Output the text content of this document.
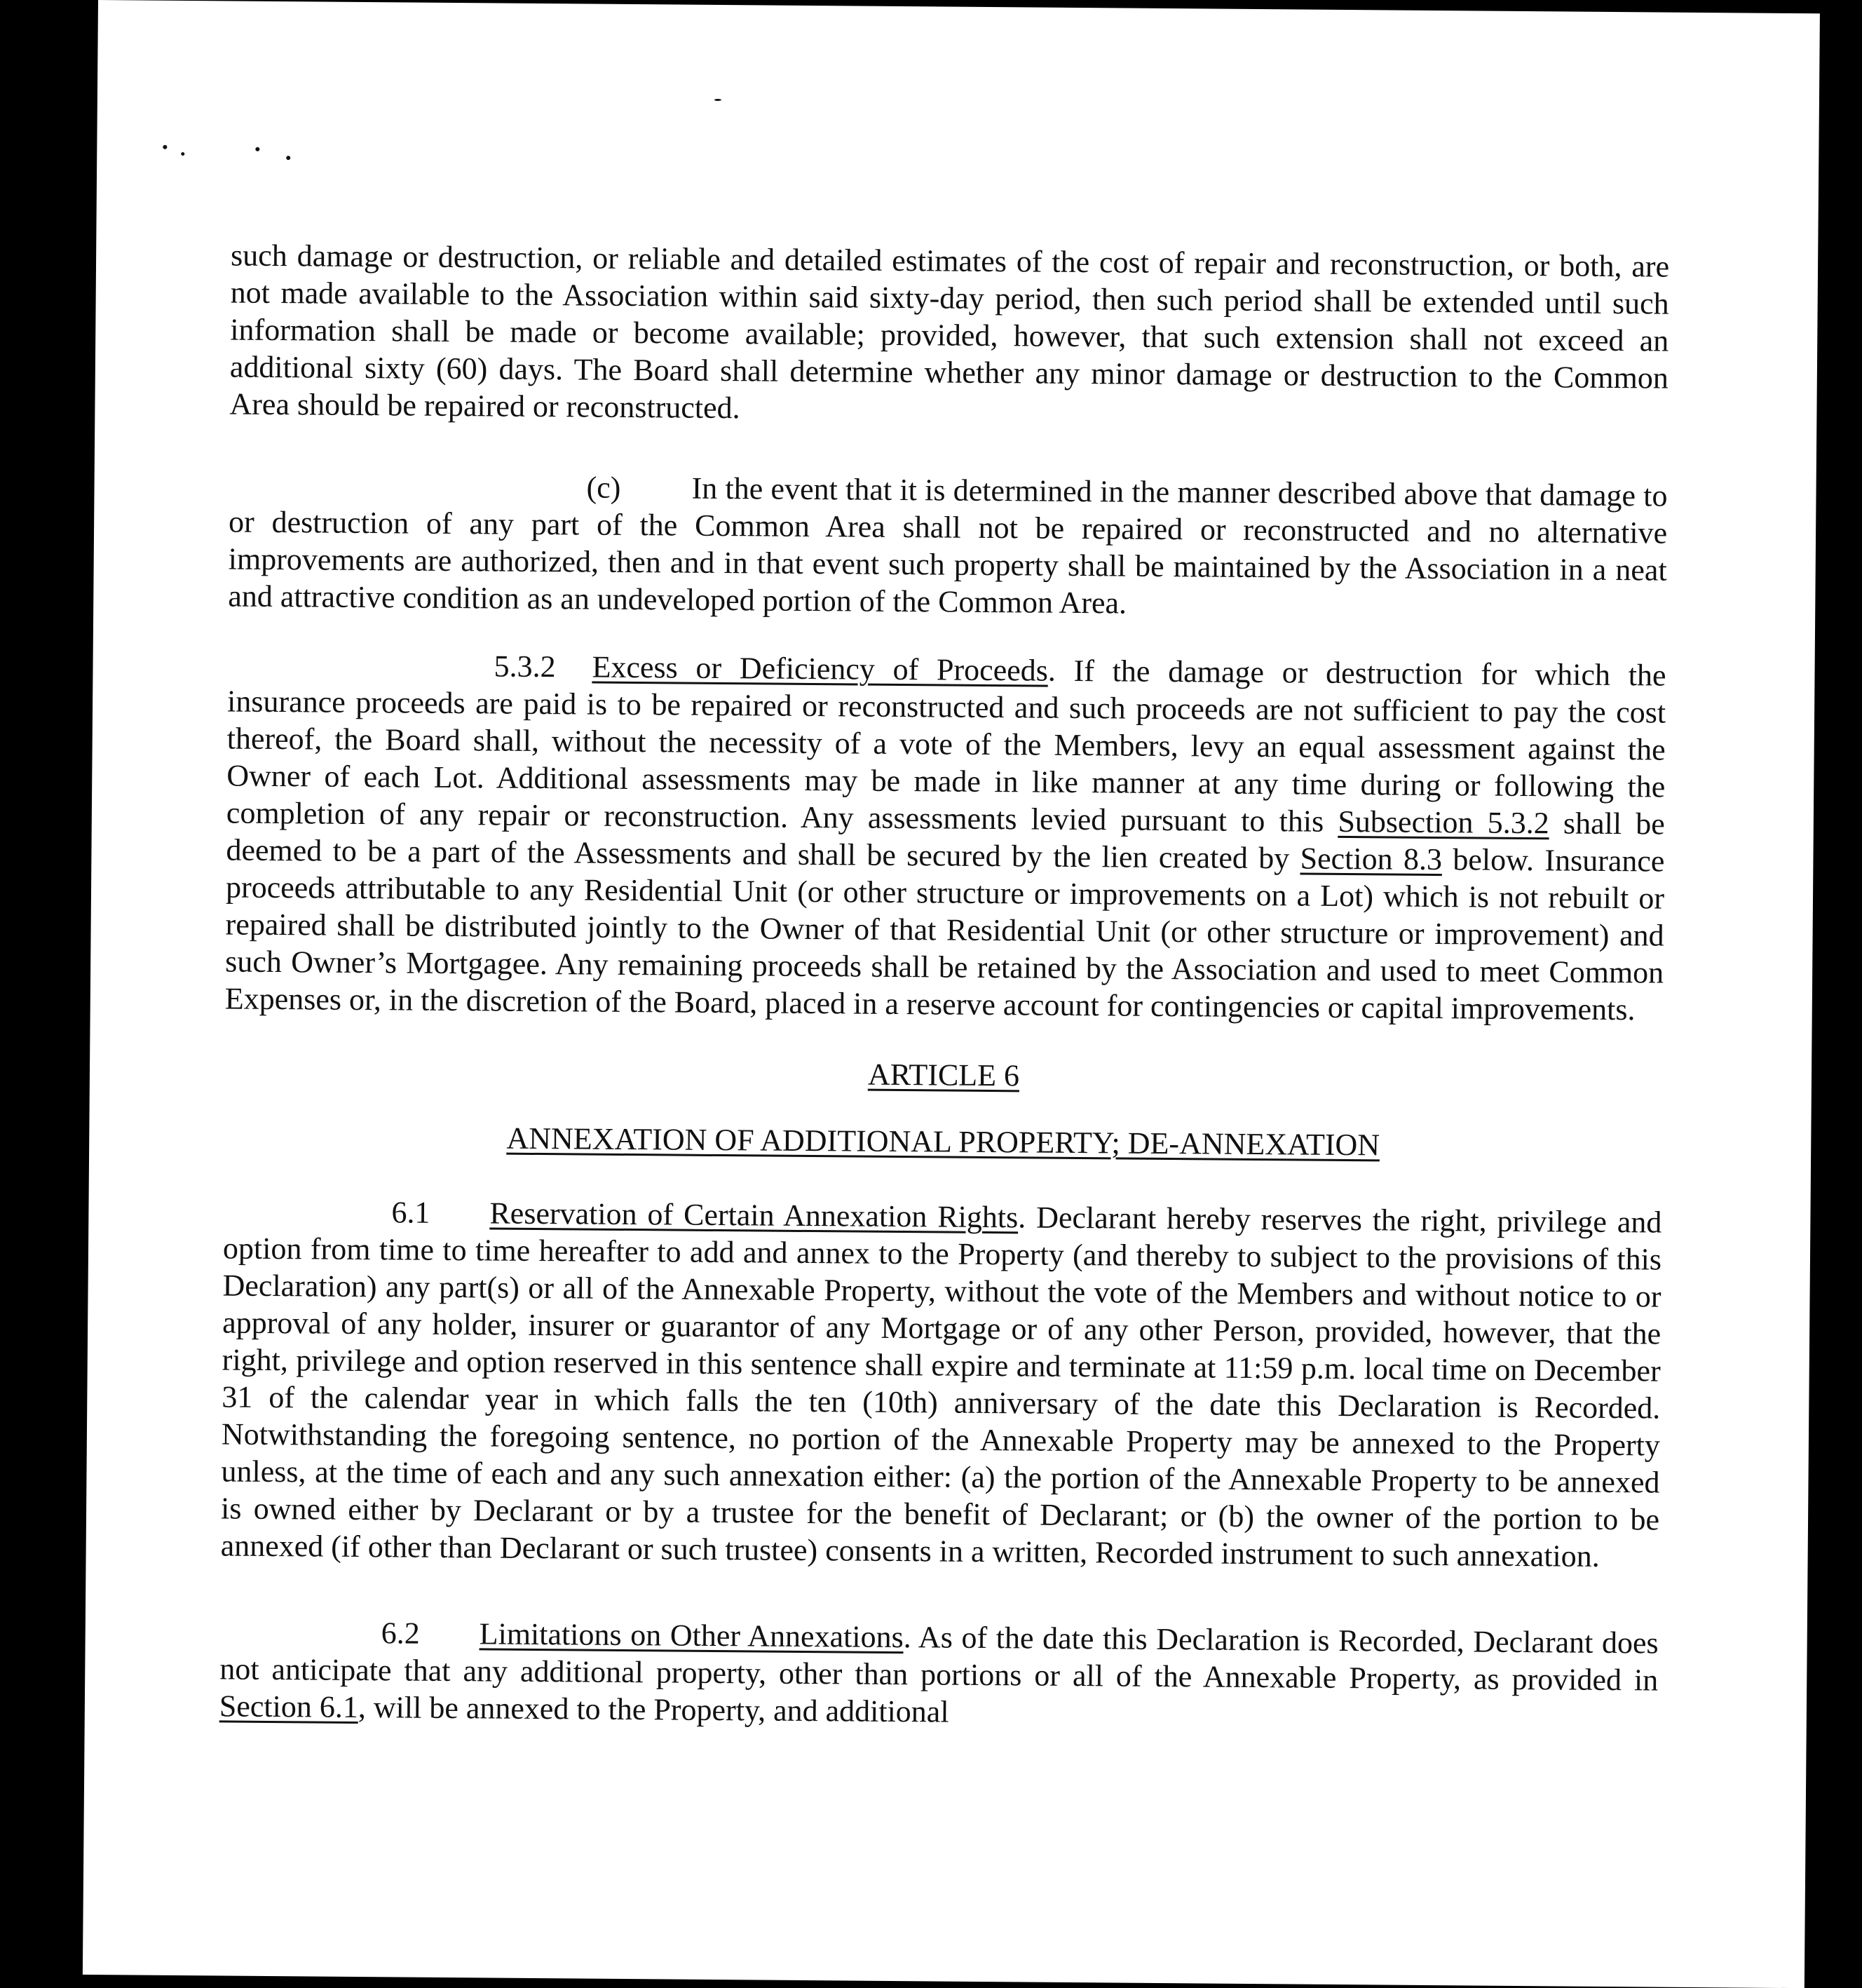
such damage or destruction, or reliable and detailed estimates of the cost of repair and reconstruction, or both, are not made available to the Association within said sixty-day period, then such period shall be extended until such information shall be made or become available; provided, however, that such extension shall not exceed an additional sixty (60) days. The Board shall determine whether any minor damage or destruction to the Common Area should be repaired or reconstructed.

(c) In the event that it is determined in the manner described above that damage to or destruction of any part of the Common Area shall not be repaired or reconstructed and no alternative improvements are authorized, then and in that event such property shall be maintained by the Association in a neat and attractive condition as an undeveloped portion of the Common Area.

5.3.2 Excess or Deficiency of Proceeds. If the damage or destruction for which the insurance proceeds are paid is to be repaired or reconstructed and such proceeds are not sufficient to pay the cost thereof, the Board shall, without the necessity of a vote of the Members, levy an equal assessment against the Owner of each Lot. Additional assessments may be made in like manner at any time during or following the completion of any repair or reconstruction. Any assessments levied pursuant to this Subsection 5.3.2 shall be deemed to be a part of the Assessments and shall be secured by the lien created by Section 8.3 below. Insurance proceeds attributable to any Residential Unit (or other structure or improvements on a Lot) which is not rebuilt or repaired shall be distributed jointly to the Owner of that Residential Unit (or other structure or improvement) and such Owner’s Mortgagee. Any remaining proceeds shall be retained by the Association and used to meet Common Expenses or, in the discretion of the Board, placed in a reserve account for contingencies or capital improvements.

ARTICLE 6

ANNEXATION OF ADDITIONAL PROPERTY; DE-ANNEXATION

6.1 Reservation of Certain Annexation Rights. Declarant hereby reserves the right, privilege and option from time to time hereafter to add and annex to the Property (and thereby to subject to the provisions of this Declaration) any part(s) or all of the Annexable Property, without the vote of the Members and without notice to or approval of any holder, insurer or guarantor of any Mortgage or of any other Person, provided, however, that the right, privilege and option reserved in this sentence shall expire and terminate at 11:59 p.m. local time on December 31 of the calendar year in which falls the ten (10th) anniversary of the date this Declaration is Recorded. Notwithstanding the foregoing sentence, no portion of the Annexable Property may be annexed to the Property unless, at the time of each and any such annexation either: (a) the portion of the Annexable Property to be annexed is owned either by Declarant or by a trustee for the benefit of Declarant; or (b) the owner of the portion to be annexed (if other than Declarant or such trustee) consents in a written, Recorded instrument to such annexation.

6.2 Limitations on Other Annexations. As of the date this Declaration is Recorded, Declarant does not anticipate that any additional property, other than portions or all of the Annexable Property, as provided in Section 6.1, will be annexed to the Property, and additional
